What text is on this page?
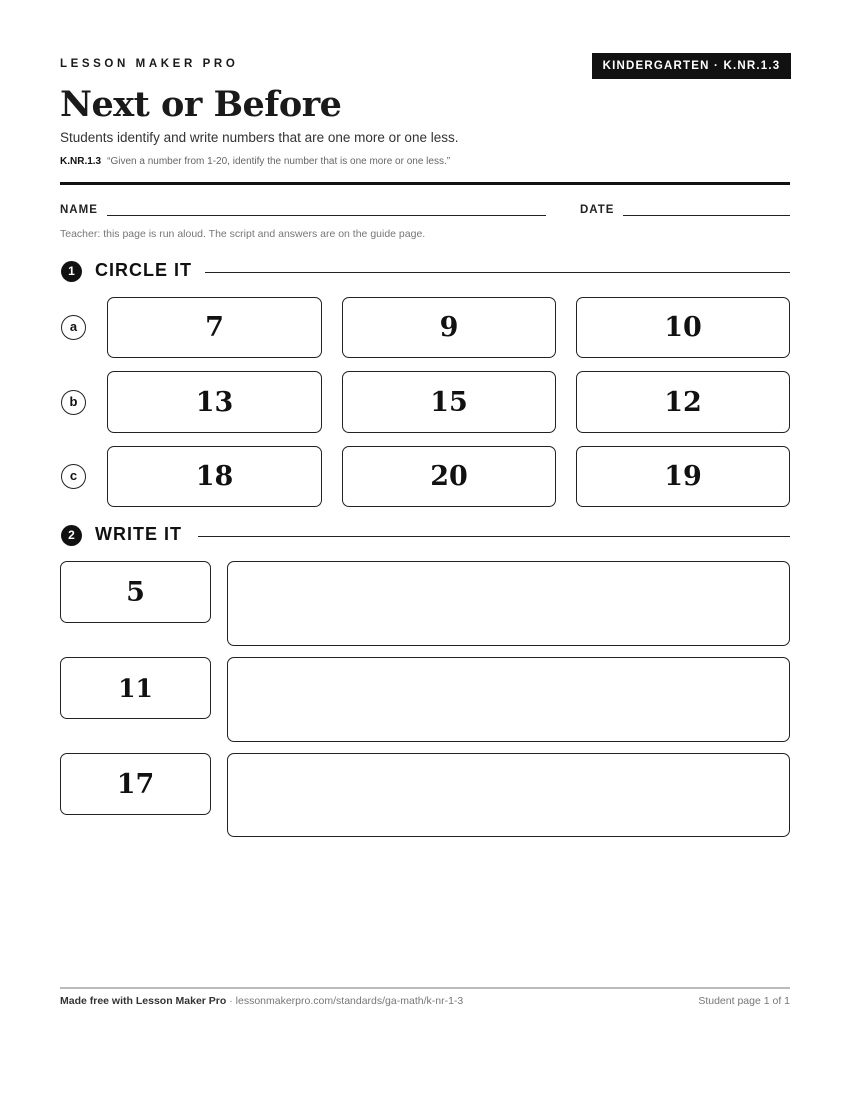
LESSON MAKER PRO	KINDERGARTEN · K.NR.1.3
Next or Before
Students identify and write numbers that are one more or one less.
K.NR.1.3 “Given a number from 1-20, identify the number that is one more or one less.”
NAME	DATE
Teacher: this page is run aloud. The script and answers are on the guide page.
1	CIRCLE IT
a	7	9	10
b	13	15	12
c	18	20	19
2	WRITE IT
5
11
17
Made free with Lesson Maker Pro · lessonmakerpro.com/standards/ga-math/k-nr-1-3	Student page 1 of 1
